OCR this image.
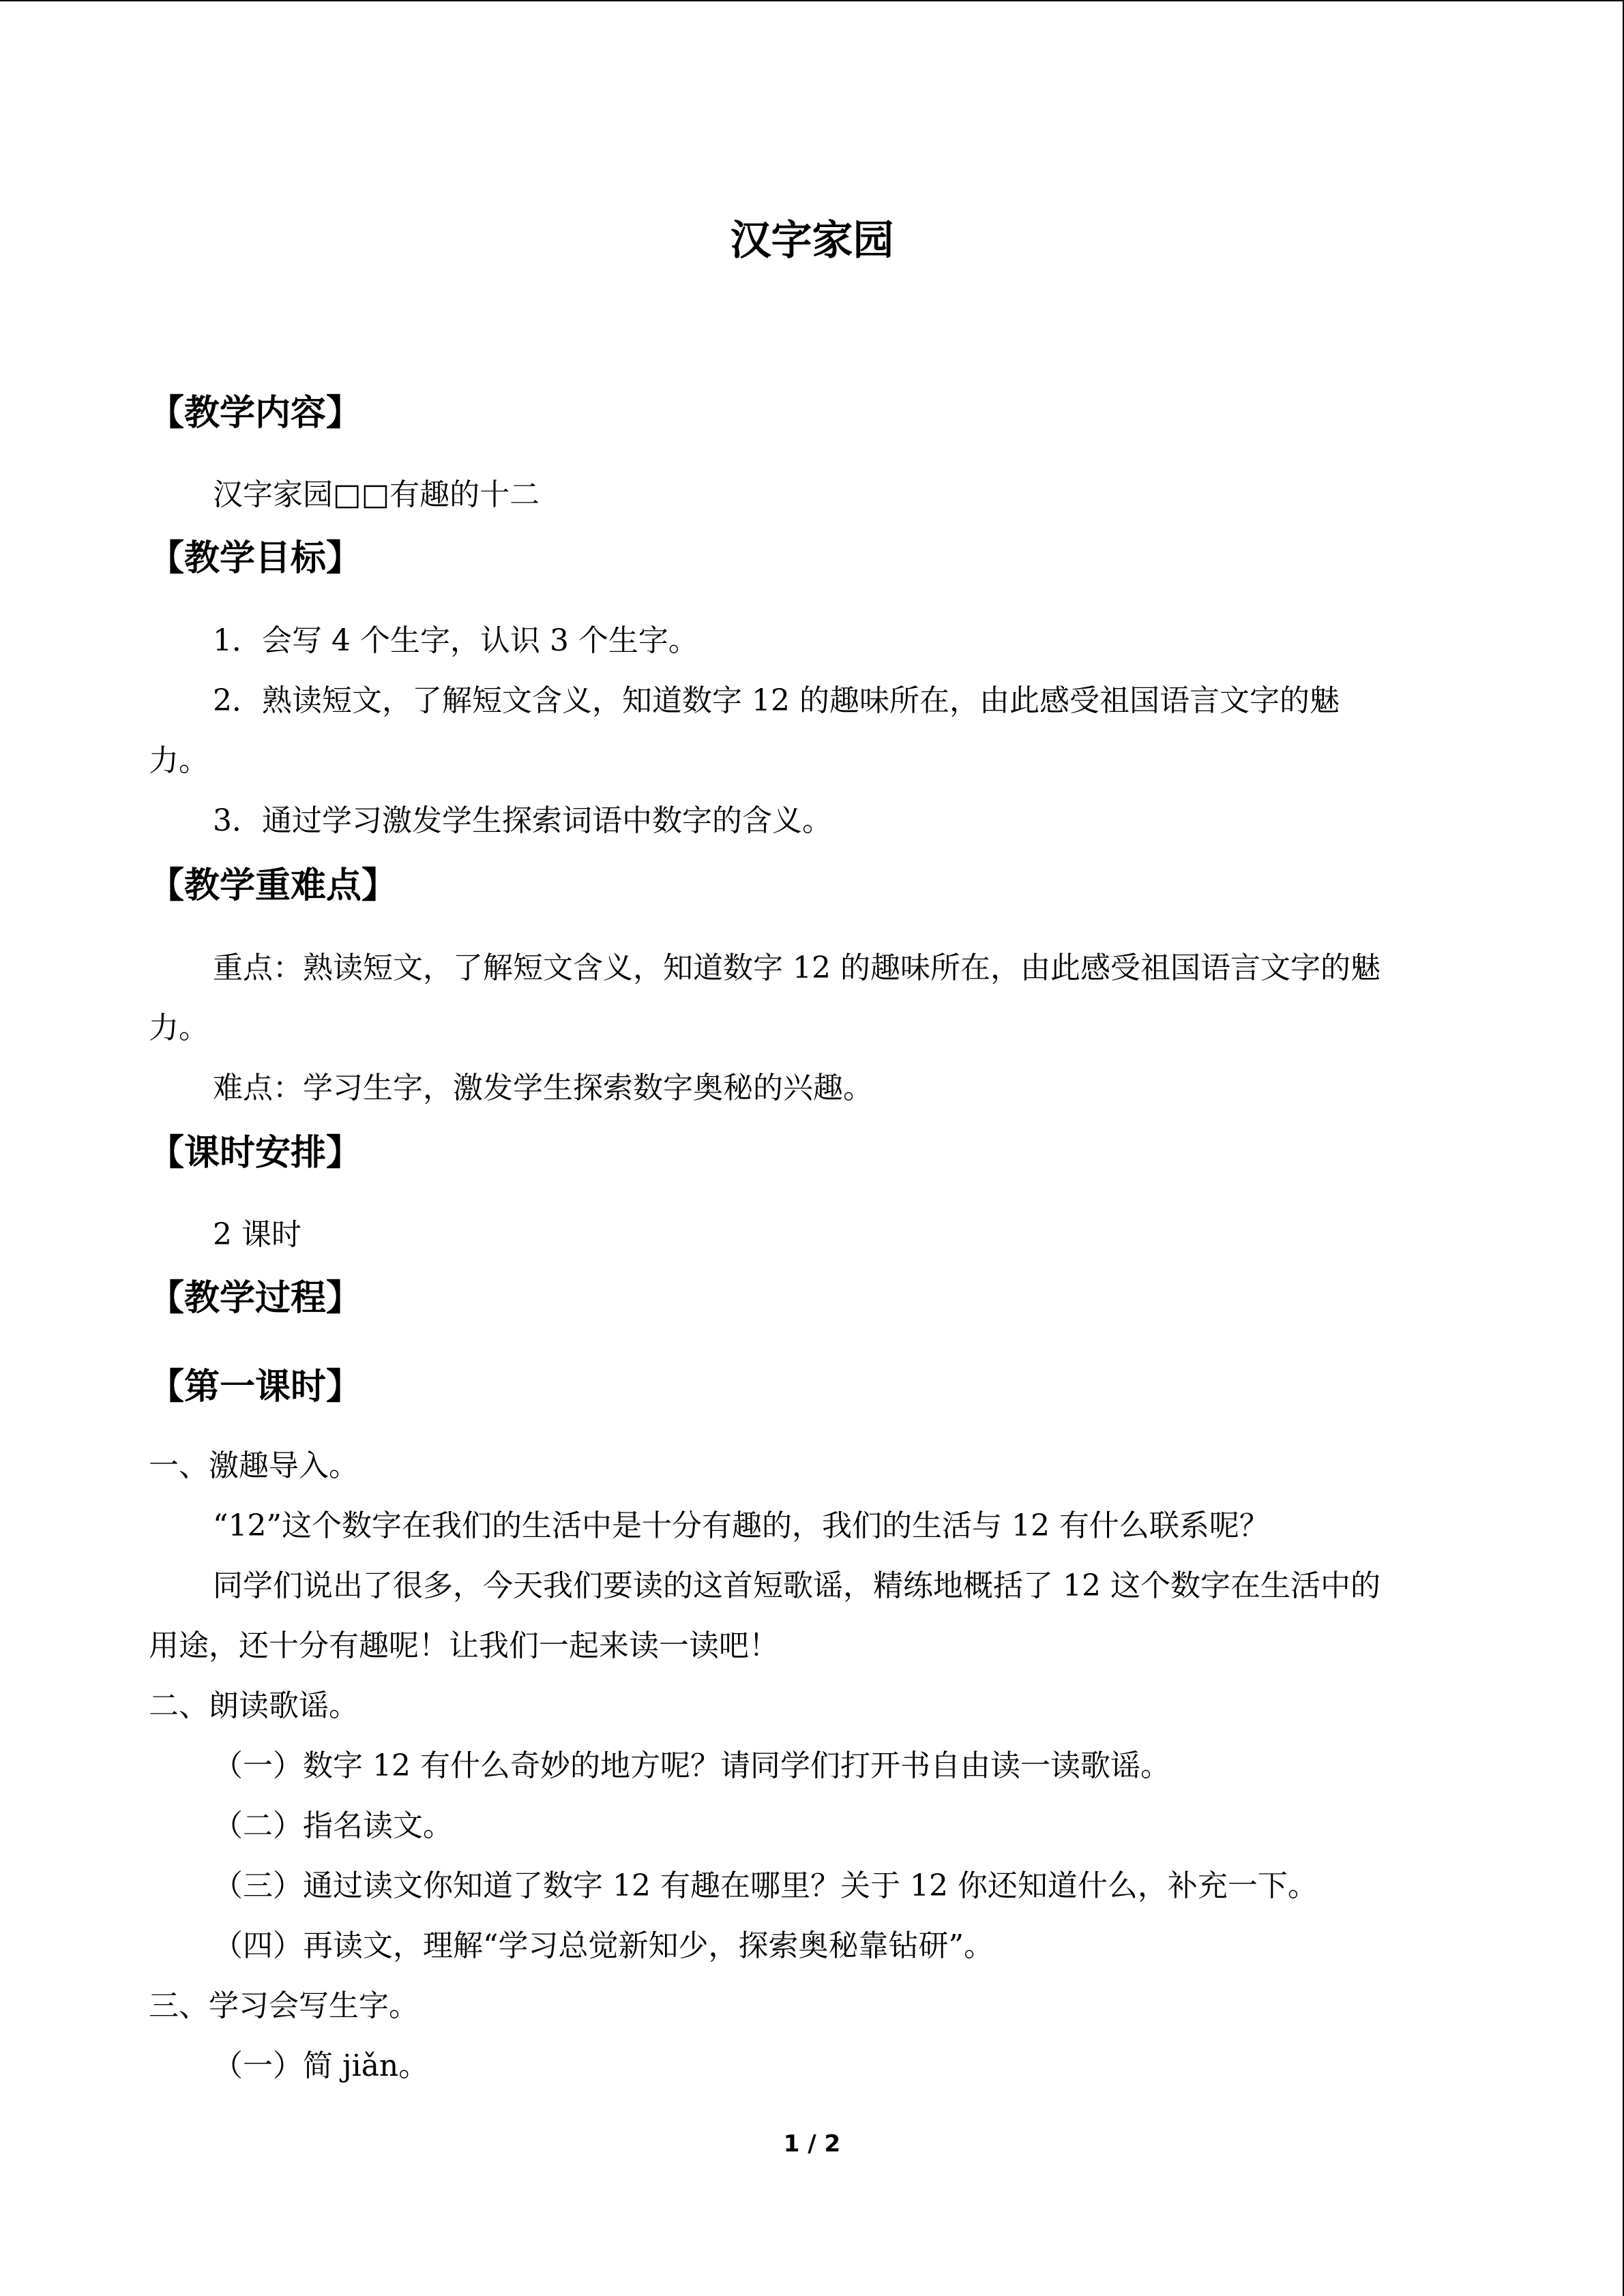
汉字家园
【教学内容】
汉字家园□□有趣的十二
【教学目标】
1．会写 4 个生字，认识 3 个生字。
2．熟读短文，了解短文含义，知道数字 12 的趣味所在，由此感受祖国语言文字的魅
力。
3．通过学习激发学生探索词语中数字的含义。
【教学重难点】
重点：熟读短文，了解短文含义，知道数字 12 的趣味所在，由此感受祖国语言文字的魅
力。
难点：学习生字，激发学生探索数字奥秘的兴趣。
【课时安排】
2 课时
【教学过程】
【第一课时】
一、激趣导入。
“12”这个数字在我们的生活中是十分有趣的，我们的生活与 12 有什么联系呢？
同学们说出了很多，今天我们要读的这首短歌谣，精练地概括了 12 这个数字在生活中的
用途，还十分有趣呢！让我们一起来读一读吧！
二、朗读歌谣。
（一）数字 12 有什么奇妙的地方呢？请同学们打开书自由读一读歌谣。
（二）指名读文。
（三）通过读文你知道了数字 12 有趣在哪里？关于 12 你还知道什么，补充一下。
（四）再读文，理解“学习总觉新知少，探索奥秘靠钻研”。
三、学习会写生字。
（一）简 jiǎn。
1 / 2
